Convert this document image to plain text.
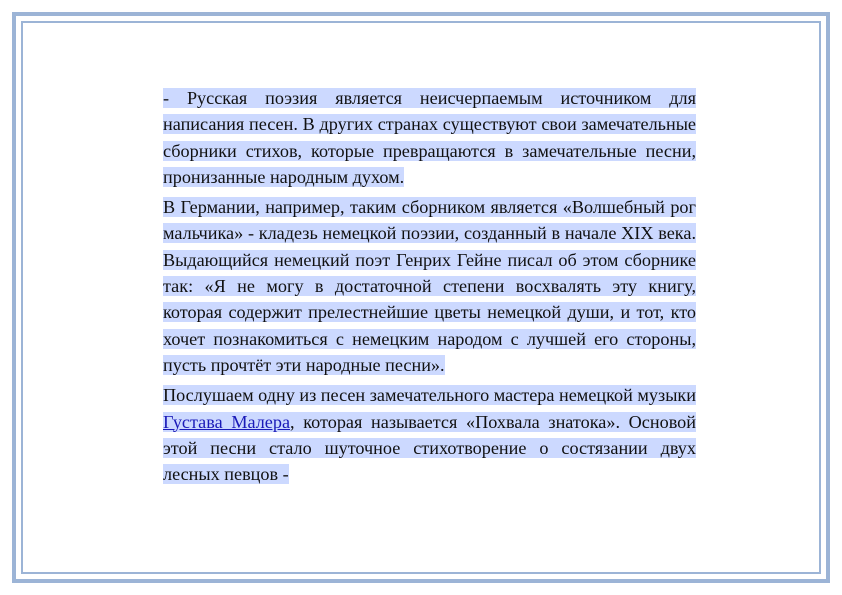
- Русская поэзия является неисчерпаемым источником для написания песен. В других странах существуют свои замечательные сборники стихов, которые превращаются в замечательные песни, пронизанные народным духом.

В Германии, например, таким сборником является «Волшебный рог мальчика» - кладезь немецкой поэзии, созданный в начале XIX века. Выдающийся немецкий поэт Генрих Гейне писал об этом сборнике так: «Я не могу в достаточной степени восхвалять эту книгу, которая содержит прелестнейшие цветы немецкой души, и тот, кто хочет познакомиться с немецким народом с лучшей его стороны, пусть прочтёт эти народные песни».

Послушаем одну из песен замечательного мастера немецкой музыки Густава Малера, которая называется «Похвала знатока». Основой этой песни стало шуточное стихотворение о состязании двух лесных певцов -
